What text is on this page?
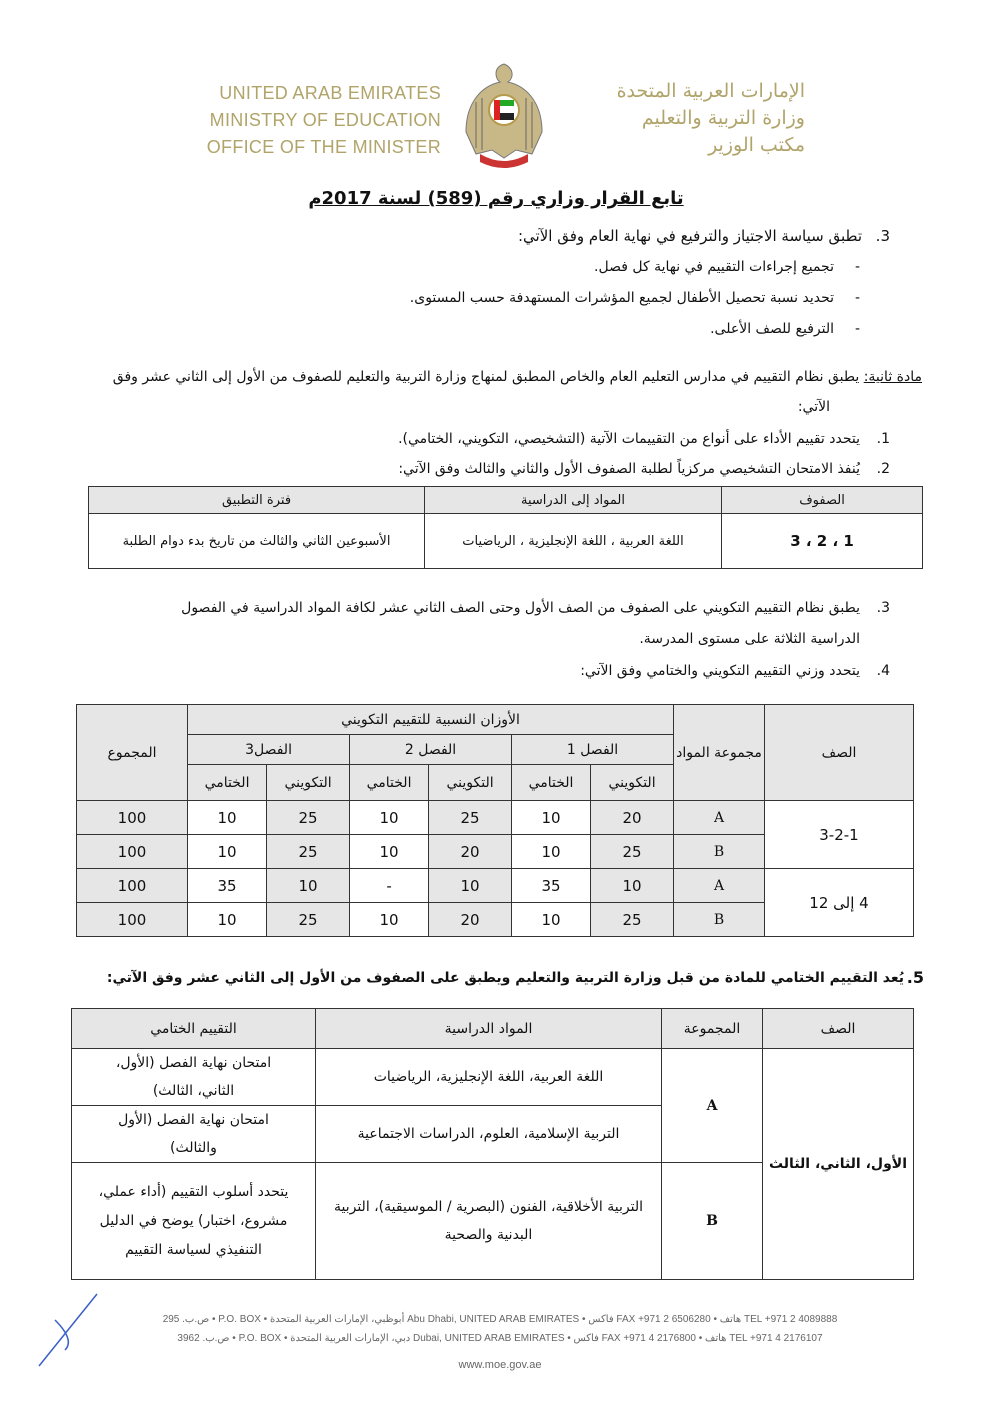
UNITED ARAB EMIRATES
MINISTRY OF EDUCATION
OFFICE OF THE MINISTER
الإمارات العربية المتحدة
وزارة التربية والتعليم
مكتب الوزير
تابع القرار وزاري رقم (589) لسنة 2017م
تطبق سياسة الاجتياز والترفيع في نهاية العام وفق الآتي: 3.
تجميع إجراءات التقييم في نهاية كل فصل.
تحديد نسبة تحصيل الأطفال لجميع المؤشرات المستهدفة حسب المستوى.
الترفيع للصف الأعلى.
-
-
-
مادة ثانية: يطبق نظام التقييم في مدارس التعليم العام والخاص المطبق لمنهاج وزارة التربية والتعليم للصفوف من الأول إلى الثاني عشر وفق
الآتي:
يتحدد تقييم الأداء على أنواع من التقييمات الآتية (التشخيصي، التكويني، الختامي). 1.
يُنفذ الامتحان التشخيصي مركزياً لطلبة الصفوف الأول والثاني والثالث وفق الآتي: 2.
الصفوف	المواد إلى الدراسية	فترة التطبيق
1 ، 2 ، 3	اللغة العربية ، اللغة الإنجليزية ، الرياضيات	الأسبوعين الثاني والثالث من تاريخ بدء دوام الطلبة
يطبق نظام التقييم التكويني على الصفوف من الصف الأول وحتى الصف الثاني عشر لكافة المواد الدراسية في الفصول 3.
الدراسية الثلاثة على مستوى المدرسة.
يتحدد وزني التقييم التكويني والختامي وفق الآتي: 4.
الصف	مجموعة المواد	الأوزان النسبية للتقييم التكويني						المجموع
		الفصل 1		الفصل 2		الفصل3		
		التكويني	الختامي	التكويني	الختامي	التكويني	الختامي	
3-2-1	A	20	10	25	10	25	10	100
	B	25	10	20	10	25	10	100
4 إلى 12	A	10	35	10	-	10	35	100
	B	25	10	20	10	25	10	100
يُعد التقييم الختامي للمادة من قبل وزارة التربية والتعليم ويطبق على الصفوف من الأول إلى الثاني عشر وفق الآتي: 5.
الصف	المجموعة	المواد الدراسية	التقييم الختامي
الأول، الثاني، الثالث	A	اللغة العربية، اللغة الإنجليزية، الرياضيات	امتحان نهاية الفصل (الأول، الثاني، الثالث)
		التربية الإسلامية، العلوم، الدراسات الاجتماعية	امتحان نهاية الفصل (الأول والثالث)
	B	التربية الأخلاقية، الفنون (البصرية / الموسيقية)، التربية البدنية والصحية	يتحدد أسلوب التقييم (أداء عملي، مشروع، اختبار) يوضح في الدليل التنفيذي لسياسة التقييم
ص.ب. 295 • P.O. BOX • أبوظبي، الإمارات العربية المتحدة Abu Dhabi, UNITED ARAB EMIRATES • فاكس FAX +971 2 6506280 • هاتف TEL +971 2 4089888
ص.ب. 3962 • P.O. BOX • دبي، الإمارات العربية المتحدة Dubai, UNITED ARAB EMIRATES • فاكس FAX +971 4 2176800 • هاتف TEL +971 4 2176107
www.moe.gov.ae
